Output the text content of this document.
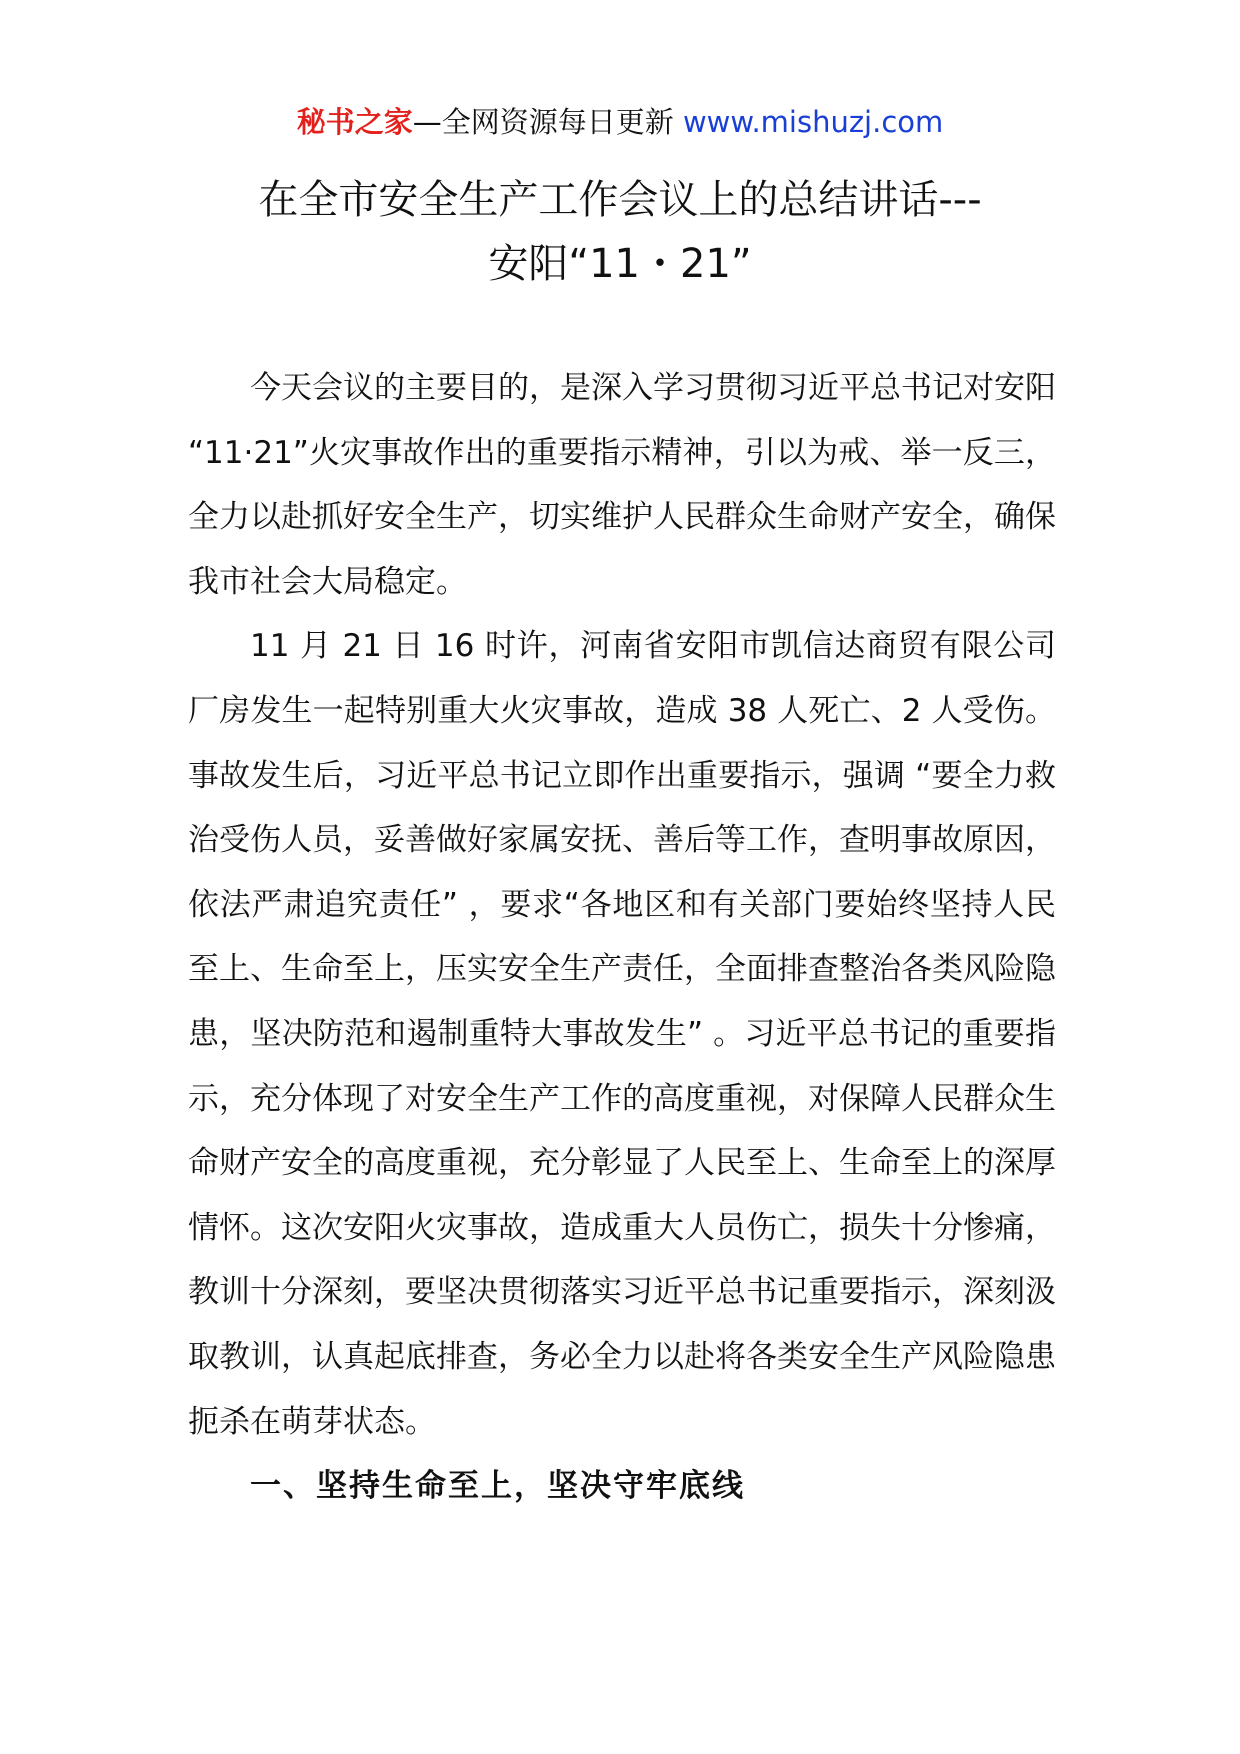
秘书之家—全网资源每日更新 www.mishuzj.com
在全市安全生产工作会议上的总结讲话---
安阳“11・21”

今天会议的主要目的，是深入学习贯彻习近平总书记对安阳 “11·21”火灾事故作出的重要指示精神，引以为戒、举一反三，全力以赴抓好安全生产，切实维护人民群众生命财产安全，确保我市社会大局稳定。

11 月 21 日 16 时许，河南省安阳市凯信达商贸有限公司厂房发生一起特别重大火灾事故，造成 38 人死亡、2 人受伤。事故发生后，习近平总书记立即作出重要指示，强调 “要全力救治受伤人员，妥善做好家属安抚、善后等工作，查明事故原因，依法严肃追究责任” ，要求“各地区和有关部门要始终坚持人民至上、生命至上，压实安全生产责任，全面排查整治各类风险隐患，坚决防范和遏制重特大事故发生” 。习近平总书记的重要指示，充分体现了对安全生产工作的高度重视，对保障人民群众生命财产安全的高度重视，充分彰显了人民至上、生命至上的深厚情怀。这次安阳火灾事故，造成重大人员伤亡，损失十分惨痛，教训十分深刻，要坚决贯彻落实习近平总书记重要指示，深刻汲取教训，认真起底排查，务必全力以赴将各类安全生产风险隐患扼杀在萌芽状态。

一、坚持生命至上，坚决守牢底线
